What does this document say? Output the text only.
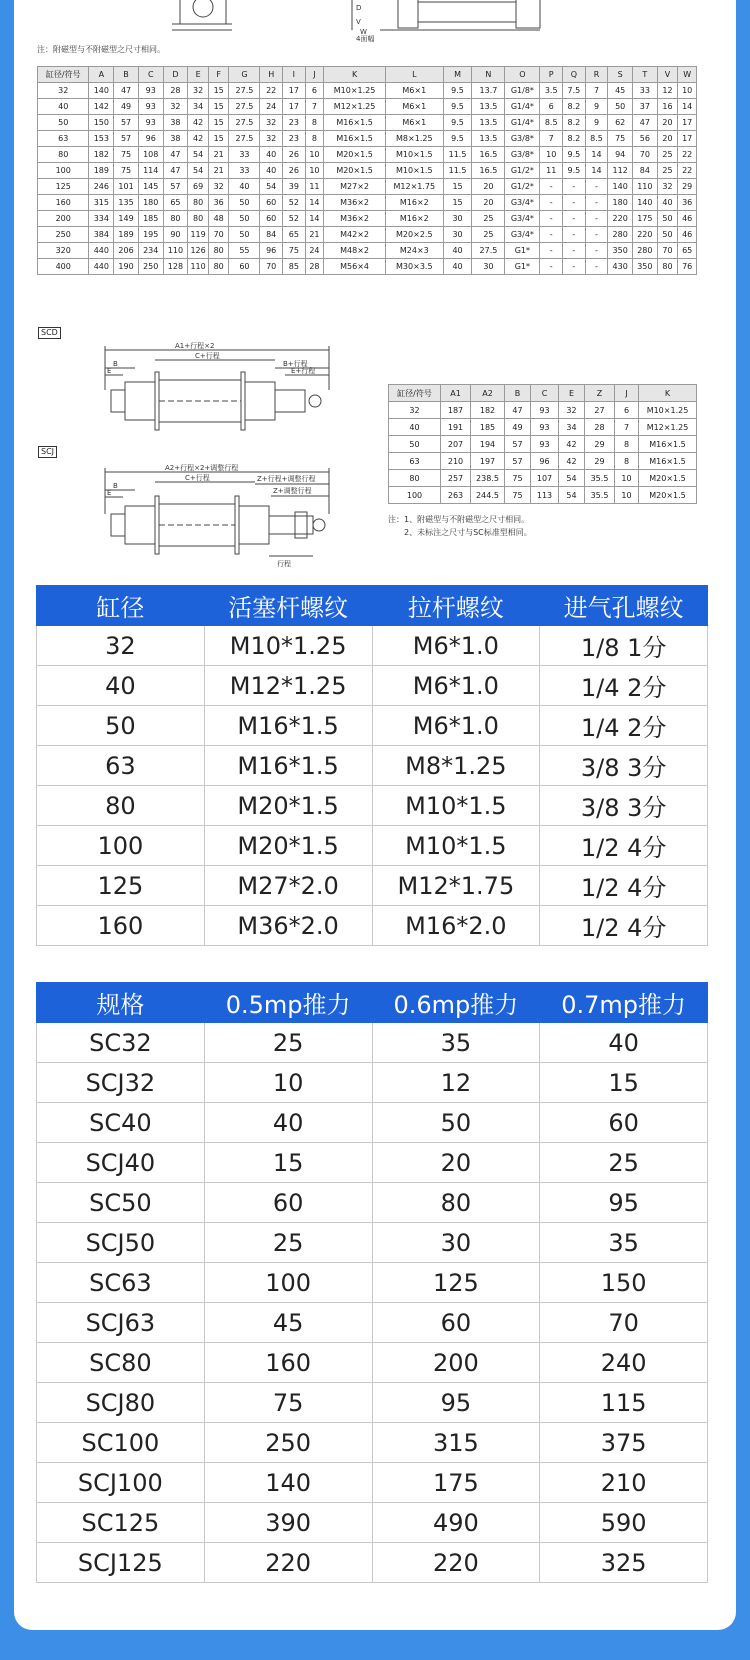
D
V
W
4面幅
注：附磁型与不附磁型之尺寸相同。
缸径/符号	A	B	C	D	E	F	G	H	I	J	K	L	M	N	O	P	Q	R	S	T	V	W
32	140	47	93	28	32	15	27.5	22	17	6	M10×1.25	M6×1	9.5	13.7	G1/8*	3.5	7.5	7	45	33	12	10
40	142	49	93	32	34	15	27.5	24	17	7	M12×1.25	M6×1	9.5	13.5	G1/4*	6	8.2	9	50	37	16	14
50	150	57	93	38	42	15	27.5	32	23	8	M16×1.5	M6×1	9.5	13.5	G1/4*	8.5	8.2	9	62	47	20	17
63	153	57	96	38	42	15	27.5	32	23	8	M16×1.5	M8×1.25	9.5	13.5	G3/8*	7	8.2	8.5	75	56	20	17
80	182	75	108	47	54	21	33	40	26	10	M20×1.5	M10×1.5	11.5	16.5	G3/8*	10	9.5	14	94	70	25	22
100	189	75	114	47	54	21	33	40	26	10	M20×1.5	M10×1.5	11.5	16.5	G1/2*	11	9.5	14	112	84	25	22
125	246	101	145	57	69	32	40	54	39	11	M27×2	M12×1.75	15	20	G1/2*	-	-	-	140	110	32	29
160	315	135	180	65	80	36	50	60	52	14	M36×2	M16×2	15	20	G3/4*	-	-	-	180	140	40	36
200	334	149	185	80	80	48	50	60	52	14	M36×2	M16×2	30	25	G3/4*	-	-	-	220	175	50	46
250	384	189	195	90	119	70	50	84	65	21	M42×2	M20×2.5	30	25	G3/4*	-	-	-	280	220	50	46
320	440	206	234	110	126	80	55	96	75	24	M48×2	M24×3	40	27.5	G1*	-	-	-	350	280	70	65
400	440	190	250	128	110	80	60	70	85	28	M56×4	M30×3.5	40	30	G1*	-	-	-	430	350	80	76
SCD
A1+行程×2
C+行程
B
E
B+行程
E+行程
SCJ
A2+行程×2+调整行程
C+行程
B
E
Z+行程+调整行程
Z+调整行程
行程
缸径/符号	A1	A2	B	C	E	Z	J	K
32	187	182	47	93	32	27	6	M10×1.25
40	191	185	49	93	34	28	7	M12×1.25
50	207	194	57	93	42	29	8	M16×1.5
63	210	197	57	96	42	29	8	M16×1.5
80	257	238.5	75	107	54	35.5	10	M20×1.5
100	263	244.5	75	113	54	35.5	10	M20×1.5
注：1、附磁型与不附磁型之尺寸相同。
2、未标注之尺寸与SC标准型相同。
缸径	活塞杆螺纹	拉杆螺纹	进气孔螺纹
32	M10*1.25	M6*1.0	1/8 1分
40	M12*1.25	M6*1.0	1/4 2分
50	M16*1.5	M6*1.0	1/4 2分
63	M16*1.5	M8*1.25	3/8 3分
80	M20*1.5	M10*1.5	3/8 3分
100	M20*1.5	M10*1.5	1/2 4分
125	M27*2.0	M12*1.75	1/2 4分
160	M36*2.0	M16*2.0	1/2 4分
规格	0.5mp推力	0.6mp推力	0.7mp推力
SC32	25	35	40
SCJ32	10	12	15
SC40	40	50	60
SCJ40	15	20	25
SC50	60	80	95
SCJ50	25	30	35
SC63	100	125	150
SCJ63	45	60	70
SC80	160	200	240
SCJ80	75	95	115
SC100	250	315	375
SCJ100	140	175	210
SC125	390	490	590
SCJ125	220	220	325
